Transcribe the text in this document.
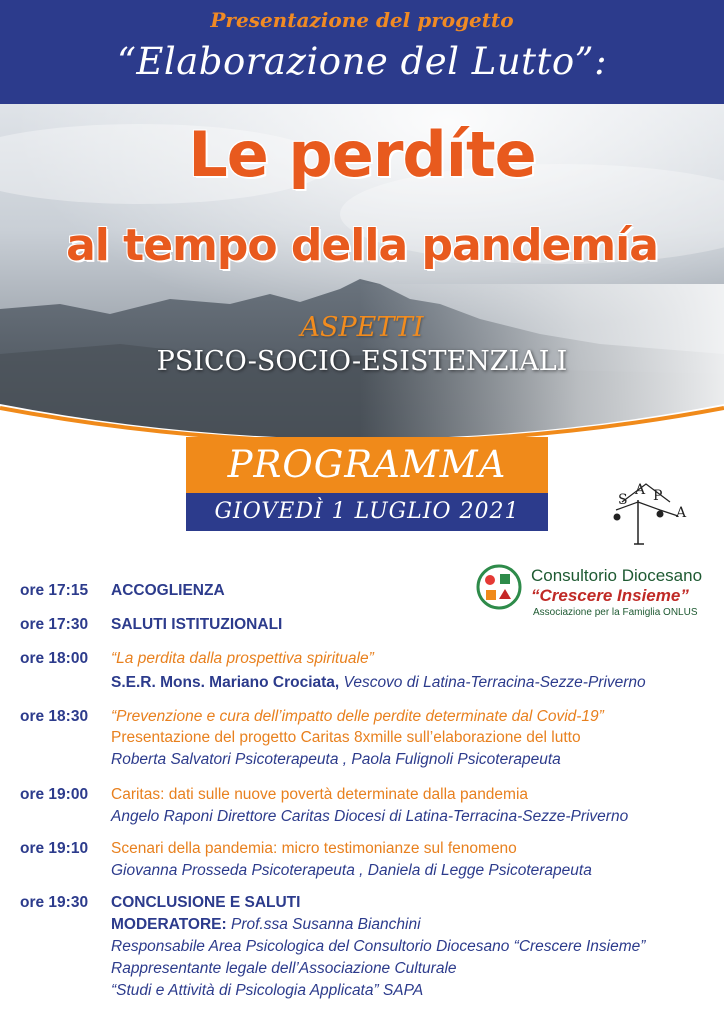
Presentazione del progetto
“Elaborazione del Lutto”:
Le perdíte
al tempo della pandemía
ASPETTI
PSICO-SOCIO-ESISTENZIALI
PROGRAMMA
GIOVEDÌ 1 LUGLIO 2021	S
A P
A
Consultorio Diocesano
“Crescere Insieme”
Associazione per la Famiglia ONLUS
ore 17:15 ACCOGLIENZA
ore 17:30 SALUTI ISTITUZIONALI
ore 18:00 “La perdita dalla prospettiva spirituale”
S.E.R. Mons. Mariano Crociata, Vescovo di Latina-Terracina-Sezze-Priverno
ore 18:30 “Prevenzione e cura dell’impatto delle perdite determinate dal Covid-19”
Presentazione del progetto Caritas 8xmille sull’elaborazione del lutto
Roberta Salvatori Psicoterapeuta , Paola Fulignoli Psicoterapeuta
ore 19:00 Caritas: dati sulle nuove povertà determinate dalla pandemia
Angelo Raponi Direttore Caritas Diocesi di Latina-Terracina-Sezze-Priverno
ore 19:10 Scenari della pandemia: micro testimonianze sul fenomeno
Giovanna Prosseda Psicoterapeuta , Daniela di Legge Psicoterapeuta
ore 19:30 CONCLUSIONE E SALUTI
MODERATORE: Prof.ssa Susanna Bianchini
Responsabile Area Psicologica del Consultorio Diocesano “Crescere Insieme”
Rappresentante legale dell’Associazione Culturale
“Studi e Attività di Psicologia Applicata” SAPA
